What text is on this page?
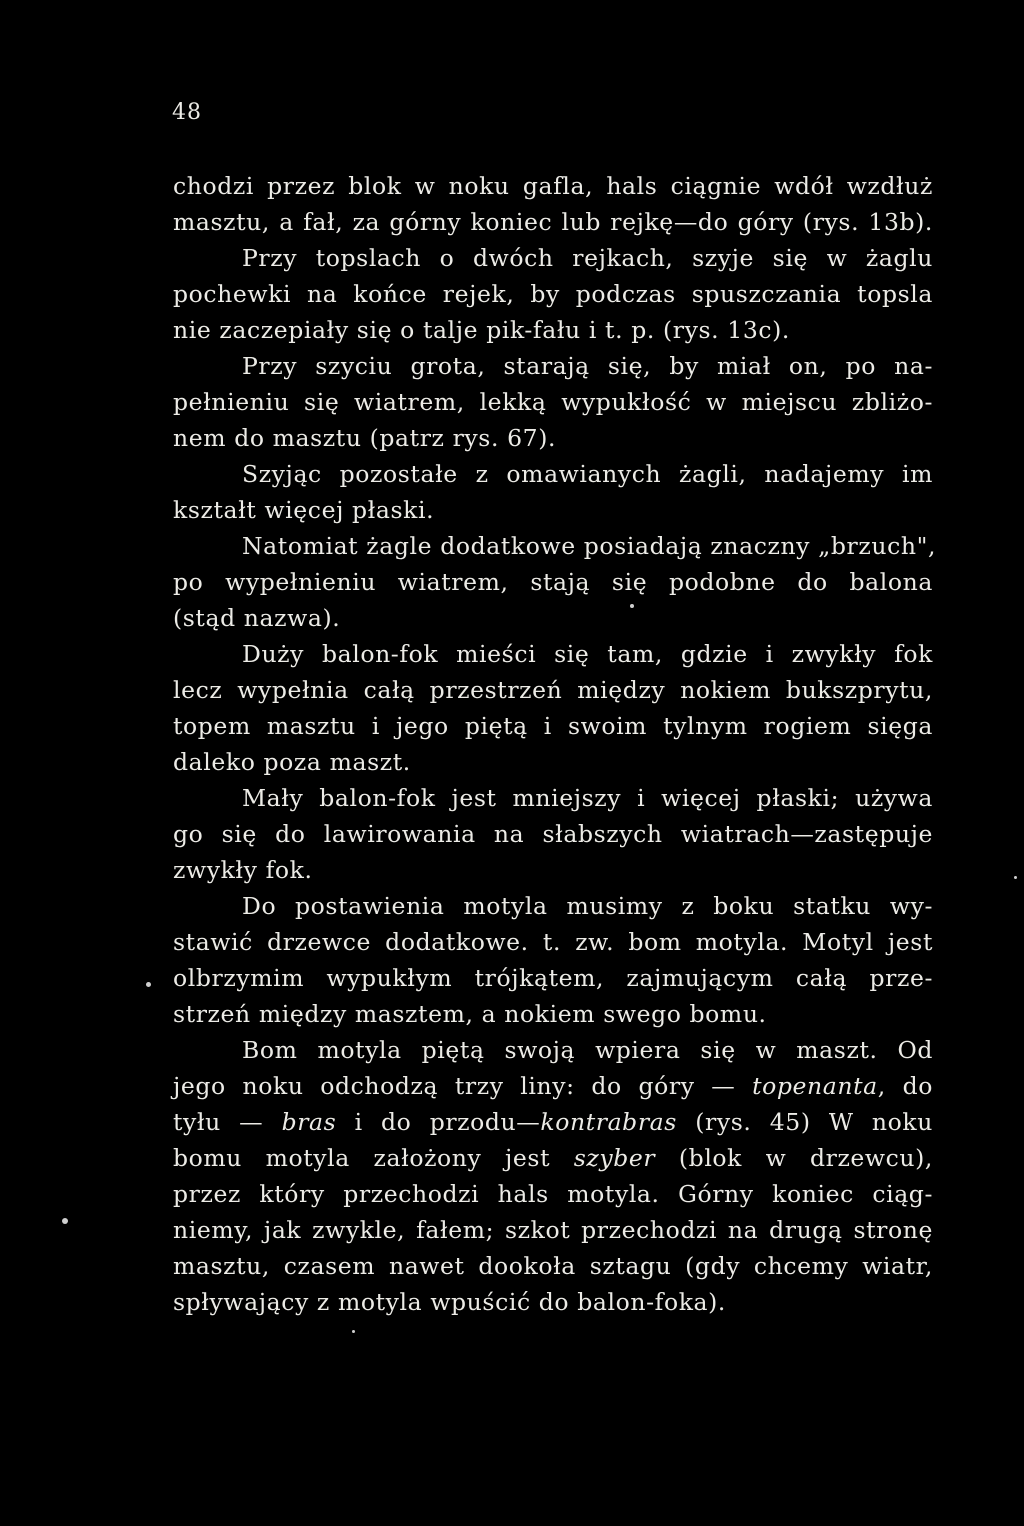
48
chodzi przez blok w noku gafla, hals ciągnie wdół wzdłuż
masztu, a fał, za górny koniec lub rejkę—do góry (rys. 13b).
Przy topslach o dwóch rejkach, szyje się w żaglu
pochewki na końce rejek, by podczas spuszczania topsla
nie zaczepiały się o talje pik-fału i t. p. (rys. 13c).
Przy szyciu grota, starają się, by miał on, po na-
pełnieniu się wiatrem, lekką wypukłość w miejscu zbliżo-
nem do masztu (patrz rys. 67).
Szyjąc pozostałe z omawianych żagli, nadajemy im
kształt więcej płaski.
Natomiat żagle dodatkowe posiadają znaczny „brzuch",
po wypełnieniu wiatrem, stają się podobne do balona
(stąd nazwa).
Duży balon-fok mieści się tam, gdzie i zwykły fok
lecz wypełnia całą przestrzeń między nokiem bukszprytu,
topem masztu i jego piętą i swoim tylnym rogiem sięga
daleko poza maszt.
Mały balon-fok jest mniejszy i więcej płaski; używa
go się do lawirowania na słabszych wiatrach—zastępuje
zwykły fok.
Do postawienia motyla musimy z boku statku wy-
stawić drzewce dodatkowe. t. zw. bom motyla. Motyl jest
olbrzymim wypukłym trójkątem, zajmującym całą prze-
strzeń między masztem, a nokiem swego bomu.
Bom motyla piętą swoją wpiera się w maszt. Od
jego noku odchodzą trzy liny: do góry — topenanta, do
tyłu — bras i do przodu—kontrabras (rys. 45) W noku
bomu motyla założony jest szyber (blok w drzewcu),
przez który przechodzi hals motyla. Górny koniec ciąg-
niemy, jak zwykle, fałem; szkot przechodzi na drugą stronę
masztu, czasem nawet dookoła sztagu (gdy chcemy wiatr,
spływający z motyla wpuścić do balon-foka).
